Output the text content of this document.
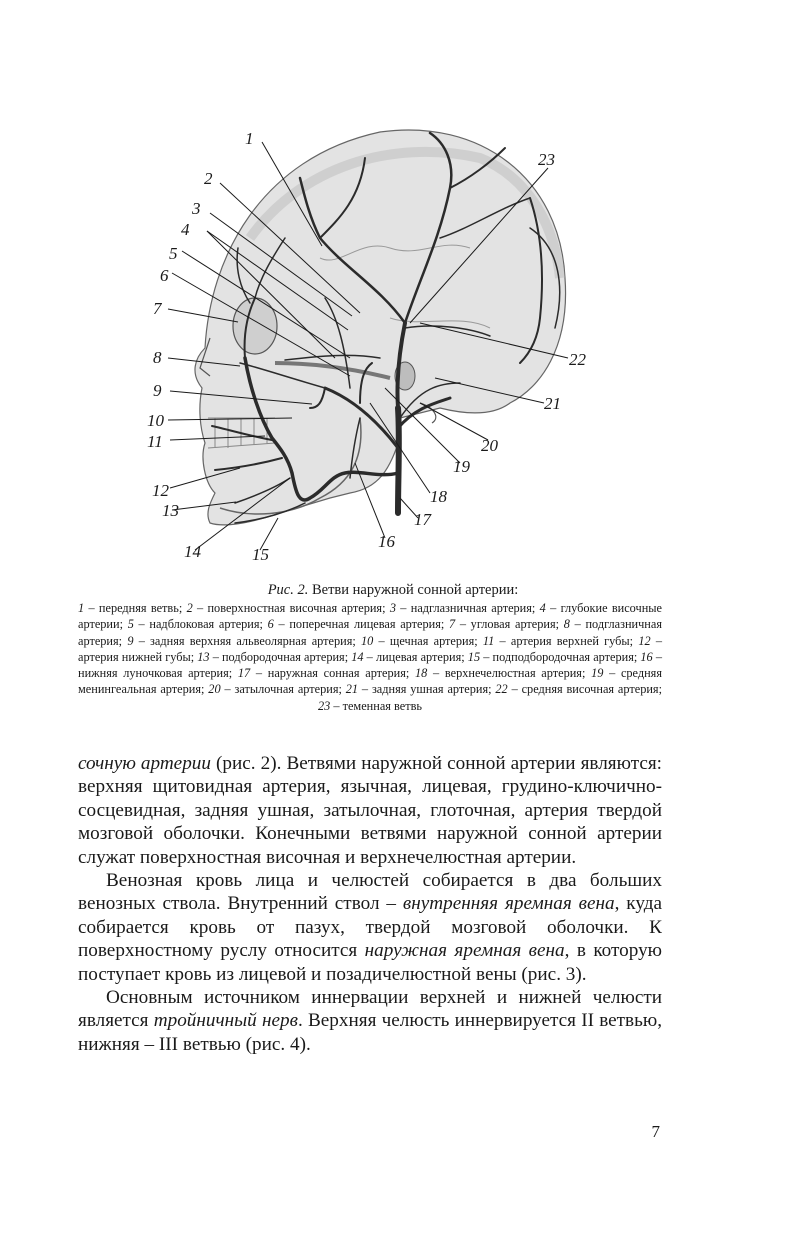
1
2
3
4
5
6
7
8
9
10
11
12
13
14	15
16
17
18
19
20
21
22
23
Рис. 2. Ветви наружной сонной артерии:
1 – передняя ветвь; 2 – поверхностная височная артерия; 3 – надглазничная артерия; 4 – глубокие височные артерии; 5 – надблоковая артерия; 6 – поперечная лицевая артерия; 7 – угловая артерия; 8 – подглазничная артерия; 9 – задняя верхняя альвеолярная артерия; 10 – щечная артерия; 11 – артерия верхней губы; 12 – артерия нижней губы; 13 – подбородочная артерия; 14 – лицевая артерия; 15 – подподбородочная артерия; 16 – нижняя луночковая артерия; 17 – наружная сонная артерия; 18 – верхнечелюстная артерия; 19 – средняя менингеальная артерия; 20 – затылочная артерия; 21 – задняя ушная артерия; 22 – средняя височная артерия; 23 – теменная ветвь

сочную артерии (рис. 2). Ветвями наружной сонной артерии являются: верхняя щитовидная артерия, язычная, лицевая, грудино-ключично-сосцевидная, задняя ушная, затылочная, глоточная, артерия твердой мозговой оболочки. Конечными ветвями наружной сонной артерии служат поверхностная височная и верхнечелюстная артерии.

Венозная кровь лица и челюстей собирается в два больших венозных ствола. Внутренний ствол – внутренняя яремная вена, куда собирается кровь от пазух, твердой мозговой оболочки. К поверхностному руслу относится наружная яремная вена, в которую поступает кровь из лицевой и позадичелюстной вены (рис. 3).

Основным источником иннервации верхней и нижней челюсти является тройничный нерв. Верхняя челюсть иннервируется II ветвью, нижняя – III ветвью (рис. 4).

7
